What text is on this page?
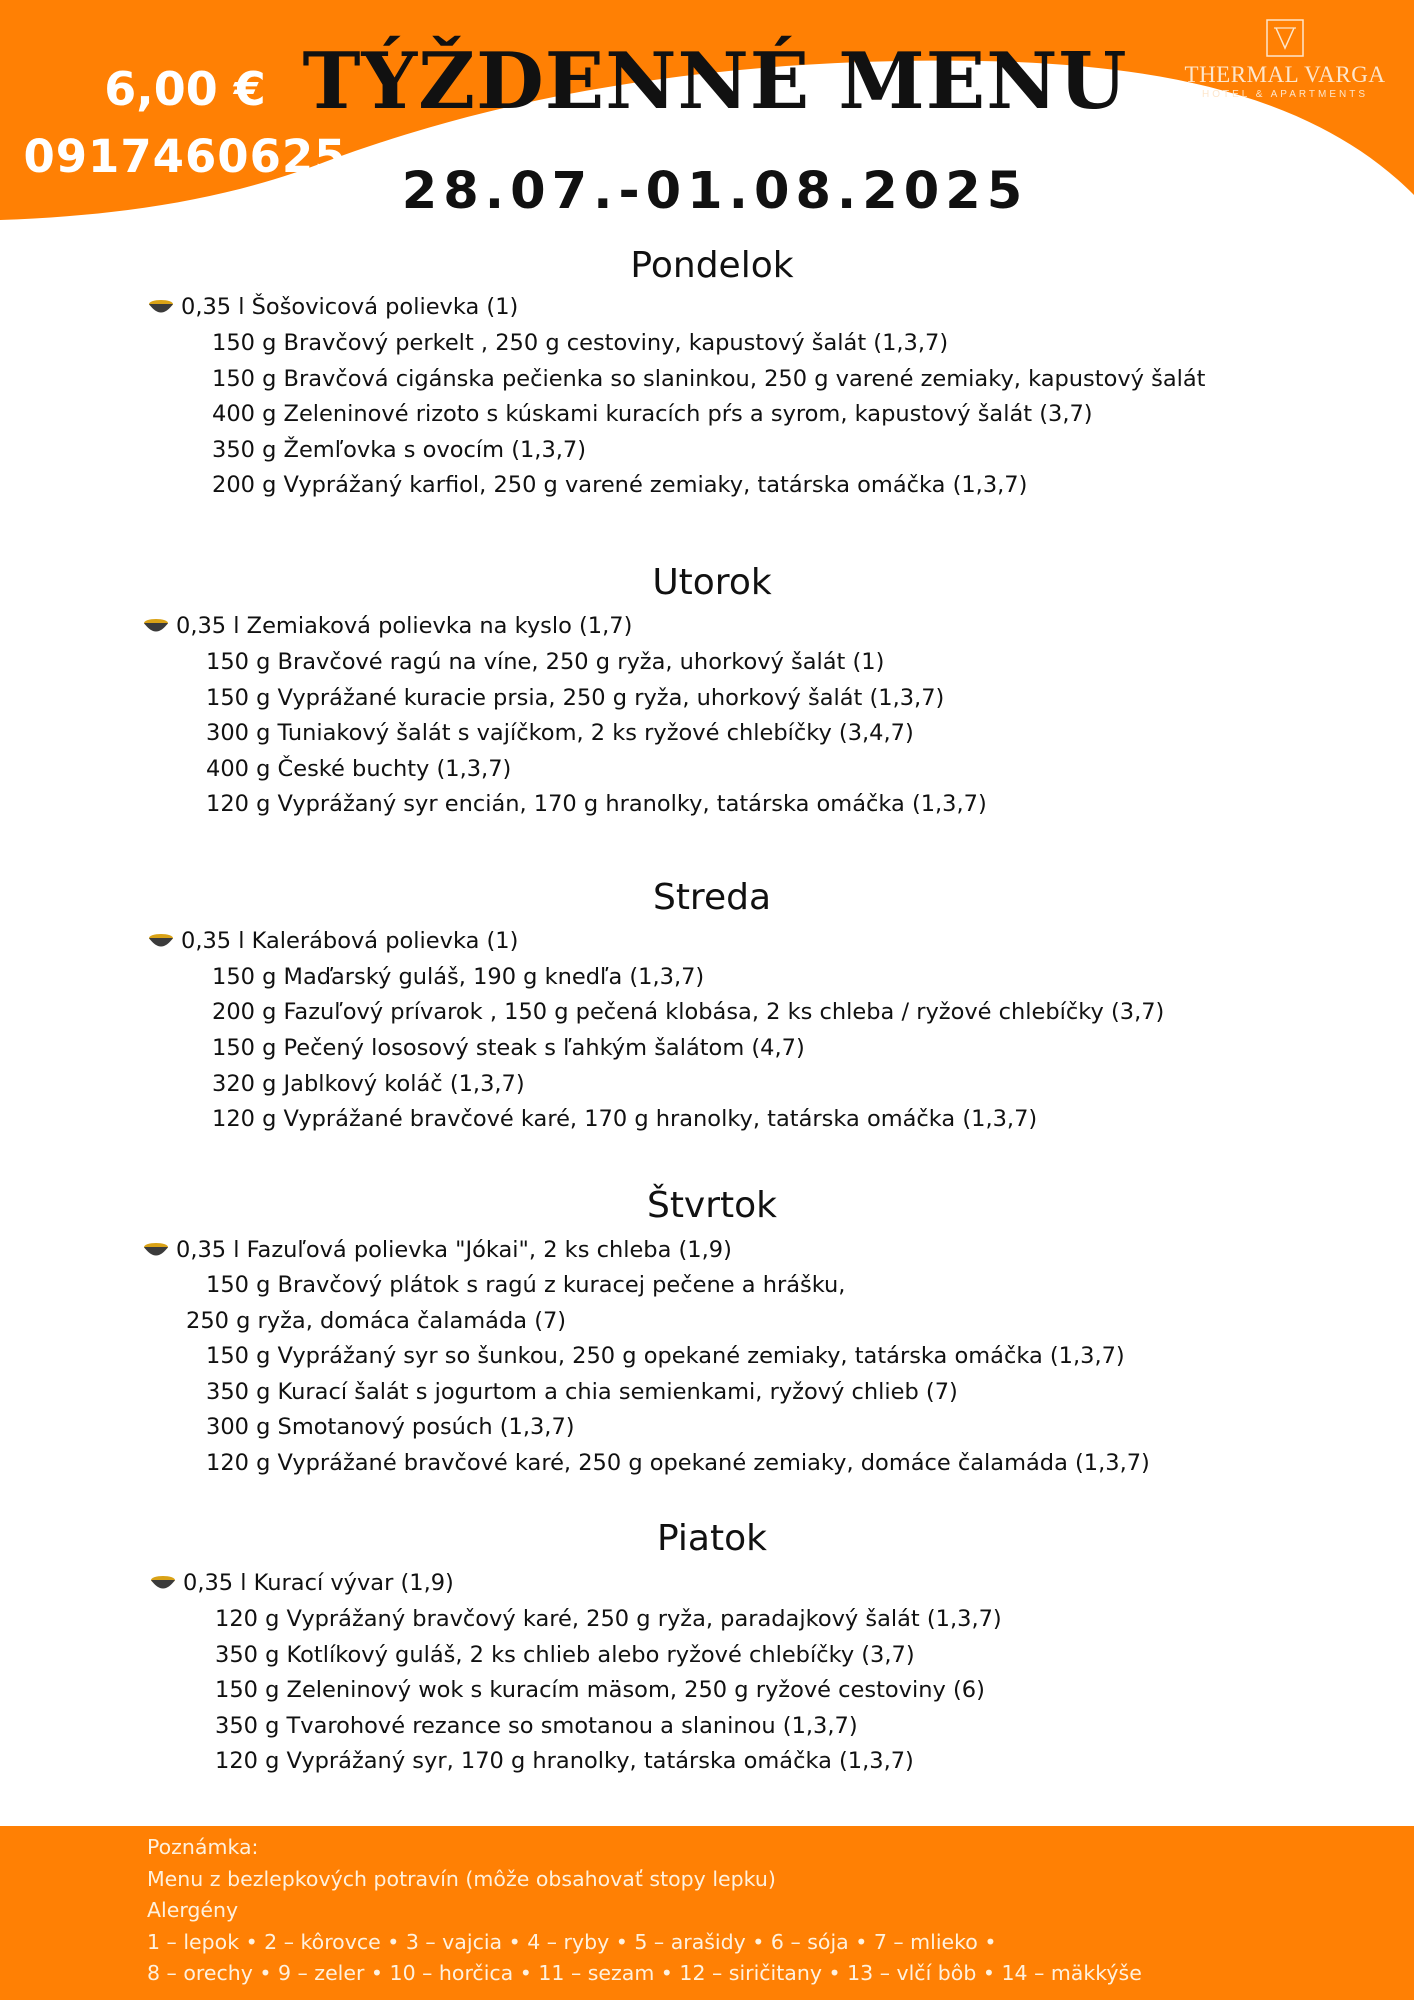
6,00 €
0917460625
TÝŽDENNÉ MENU	THERMAL VARGA
HOTEL & APARTMENTS
28.07.-01.08.2025
Pondelok
0,35 l Šošovicová polievka (1)
150 g Bravčový perkelt , 250 g cestoviny, kapustový šalát (1,3,7)
150 g Bravčová cigánska pečienka so slaninkou, 250 g varené zemiaky, kapustový šalát
400 g Zeleninové rizoto s kúskami kuracích pŕs a syrom, kapustový šalát (3,7)
350 g Žemľovka s ovocím (1,3,7)
200 g Vyprážaný karfiol, 250 g varené zemiaky, tatárska omáčka (1,3,7)
Utorok
0,35 l Zemiaková polievka na kyslo (1,7)
150 g Bravčové ragú na víne, 250 g ryža, uhorkový šalát (1)
150 g Vyprážané kuracie prsia, 250 g ryža, uhorkový šalát (1,3,7)
300 g Tuniakový šalát s vajíčkom, 2 ks ryžové chlebíčky (3,4,7)
400 g České buchty (1,3,7)
120 g Vyprážaný syr encián, 170 g hranolky, tatárska omáčka (1,3,7)
Streda
0,35 l Kalerábová polievka (1)
150 g Maďarský guláš, 190 g knedľa (1,3,7)
200 g Fazuľový prívarok , 150 g pečená klobása, 2 ks chleba / ryžové chlebíčky (3,7)
150 g Pečený lososový steak s ľahkým šalátom (4,7)
320 g Jablkový koláč (1,3,7)
120 g Vyprážané bravčové karé, 170 g hranolky, tatárska omáčka (1,3,7)
Štvrtok
0,35 l Fazuľová polievka "Jókai", 2 ks chleba (1,9)
150 g Bravčový plátok s ragú z kuracej pečene a hrášku,
250 g ryža, domáca čalamáda (7)
150 g Vyprážaný syr so šunkou, 250 g opekané zemiaky, tatárska omáčka (1,3,7)
350 g Kurací šalát s jogurtom a chia semienkami, ryžový chlieb (7)
300 g Smotanový posúch (1,3,7)
120 g Vyprážané bravčové karé, 250 g opekané zemiaky, domáce čalamáda (1,3,7)
Piatok
0,35 l Kurací vývar (1,9)
120 g Vyprážaný bravčový karé, 250 g ryža, paradajkový šalát (1,3,7)
350 g Kotlíkový guláš, 2 ks chlieb alebo ryžové chlebíčky (3,7)
150 g Zeleninový wok s kuracím mäsom, 250 g ryžové cestoviny (6)
350 g Tvarohové rezance so smotanou a slaninou (1,3,7)
120 g Vyprážaný syr, 170 g hranolky, tatárska omáčka (1,3,7)
Poznámka:
Menu z bezlepkových potravín (môže obsahovať stopy lepku)
Alergény
1 – lepok • 2 – kôrovce • 3 – vajcia • 4 – ryby • 5 – arašidy • 6 – sója • 7 – mlieko •
8 – orechy • 9 – zeler • 10 – horčica • 11 – sezam • 12 – siričitany • 13 – vlčí bôb • 14 – mäkkýše
